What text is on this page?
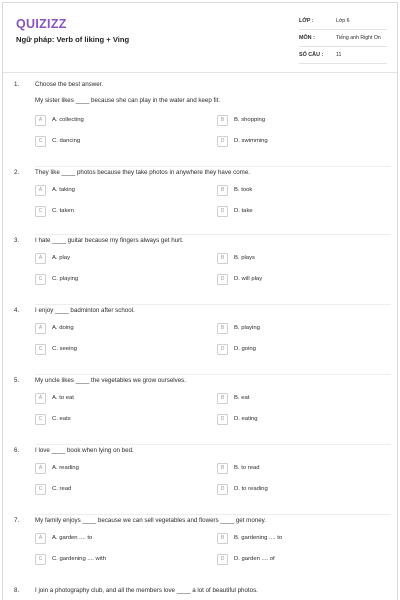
QUIZIZZ
Ngữ pháp: Verb of liking + Ving
LỚP :	Lớp 6
MÔN :	Tiếng anh Right On
SỐ CÂU : 11
1.	Choose the best answer.
My sister likes ____ because she can play in the water and keep fit.
A	A. collecting	B	B. shopping
C	C. dancing	D	D. swimming
2.	They like ____ photos because they take photos in anywhere they have come.
A	A. taking	B	B. took
C	C. taken	D	D. take
3.	I hate ____ guitar because my fingers always get hurt.
A	A. play	B	B. plays
C	C. playing	D	D. will play
4.	I enjoy ____ badminton after school.
A	A. doing	B	B. playing
C	C. seeing	D	D. going
5.	My uncle likes ____ the vegetables we grow ourselves.
A	A. to eat	B	B. eat
C	C. eats	D	D. eating
6.	I love ____ book when lying on bed.
A	A. reading	B	B. to read
C	C. read	D	D. to reading
7.	My family enjoys ____ because we can sell vegetables and flowers ____ get money.
A	A. garden .... to	B	B. gardening .... to
C	C. gardening .... with	D	D. garden .... of
8.	I join a photography club, and all the members love ____ a lot of beautiful photos.
